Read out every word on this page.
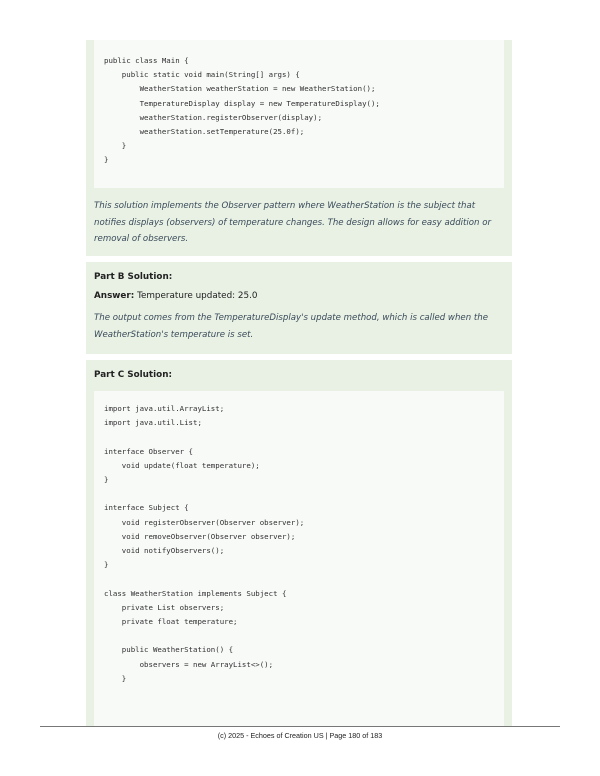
public class Main {
public static void main(String[] args) {
WeatherStation weatherStation = new WeatherStation();
TemperatureDisplay display = new TemperatureDisplay();
weatherStation.registerObserver(display);
weatherStation.setTemperature(25.0f);
}
}
This solution implements the Observer pattern where WeatherStation is the subject that notifies displays (observers) of temperature changes. The design allows for easy addition or removal of observers.
Part B Solution:
Answer: Temperature updated: 25.0
The output comes from the TemperatureDisplay's update method, which is called when the WeatherStation's temperature is set.
Part C Solution:
import java.util.ArrayList;
import java.util.List;

interface Observer {
void update(float temperature);
}

interface Subject {
void registerObserver(Observer observer);
void removeObserver(Observer observer);
void notifyObservers();
}

class WeatherStation implements Subject {
private List observers;
private float temperature;

public WeatherStation() {
observers = new ArrayList<>();
}
(c) 2025 - Echoes of Creation US | Page 180 of 183
